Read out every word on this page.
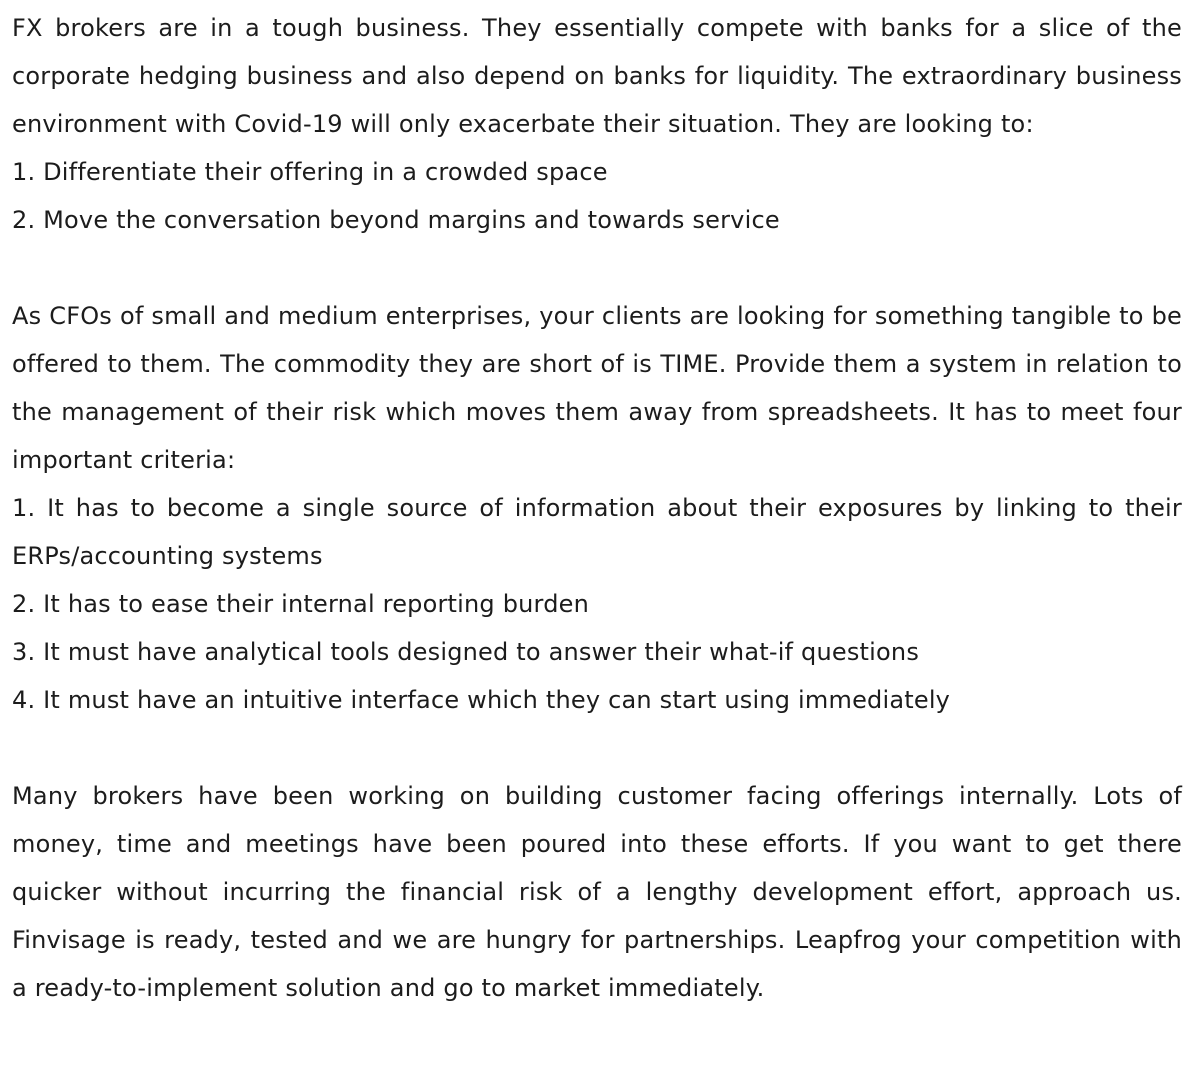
FX brokers are in a tough business. They essentially compete with banks for a slice of the corporate hedging business and also depend on banks for liquidity. The extraordinary business environment with Covid-19 will only exacerbate their situation. They are looking to:

1. Differentiate their offering in a crowded space

2. Move the conversation beyond margins and towards service

As CFOs of small and medium enterprises, your clients are looking for something tangible to be offered to them. The commodity they are short of is TIME. Provide them a system in relation to the management of their risk which moves them away from spreadsheets. It has to meet four important criteria:

1. It has to become a single source of information about their exposures by linking to their ERPs/accounting systems

2. It has to ease their internal reporting burden

3. It must have analytical tools designed to answer their what-if questions

4. It must have an intuitive interface which they can start using immediately

Many brokers have been working on building customer facing offerings internally. Lots of money, time and meetings have been poured into these efforts. If you want to get there quicker without incurring the financial risk of a lengthy development effort, approach us. Finvisage is ready, tested and we are hungry for partnerships. Leapfrog your competition with a ready-to-implement solution and go to market immediately.
